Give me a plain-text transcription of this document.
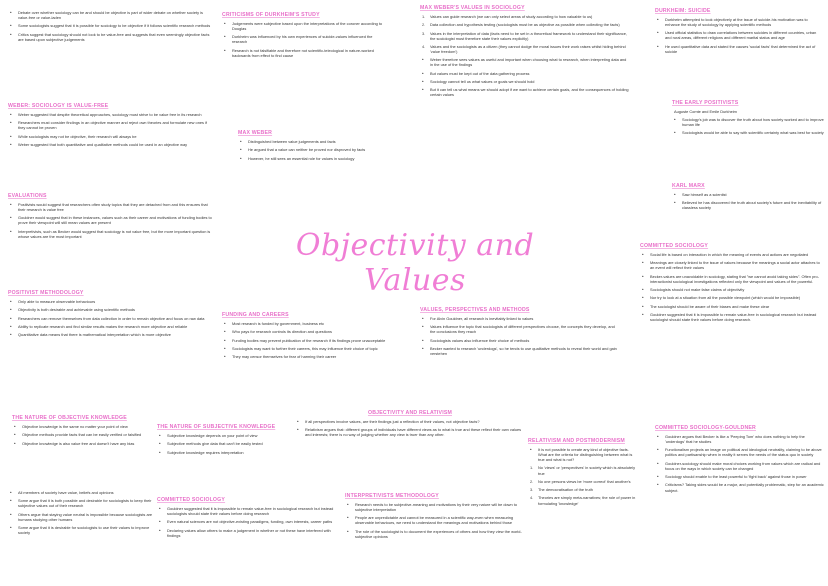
Objectivity and Values
• Debate over whether sociology can be and should be objective is part of wider debate on whether society is value-free or value-laden
• Some sociologists suggest that it is possible for sociology to be objective if it follows scientific research methods
• Critics suggest that sociology should not look to be value-free and suggests that even seemingly objective facts are based upon subjective judgements
WEBER: SOCIOLOGY IS VALUE-FREE
• Weber suggested that despite theoretical approaches, sociology must strive to be value free in its research
• Researchers must consider findings in an objective manner and reject own theories and formulate new ones if they cannot be proven
• While sociologists may not be objective, their research will always be
• Weber suggested that both quantitative and qualitative methods could be used in an objective way
EVALUATIONS
• Positivists would suggest that researchers often study topics that they are detached from and this ensures that their research is value free
• Gouldner would suggest that in these instances, values such as their career and motivations of funding bodies to prove their viewpoint will still mean values are present
• Interpretivists, such as Becker would suggest that sociology is not value free, but the more important question is whose values are the most important
POSITIVIST METHODOLOGY
• Only able to measure observable behaviours
• Objectivity is both desirable and achievable using scientific methods
• Researchers can remove themselves from data collection in order to remain objective and focus on raw data
• Ability to replicate research and find similar results makes the research more objective and reliable
• Quantitative data means that there is mathematical interpretation which is more objective
THE NATURE OF OBJECTIVE KNOWLEDGE
• Objective knowledge is the same no matter your point of view
• Objective methods provide facts that can be easily verified or falsified
• Objective knowledge is also value free and doesn't have any bias
• All members of society have value, beliefs and opinions
• Some argue that it is both possible and desirable for sociologists to keep their subjective values out of their research
• Others argue that staying value neutral is impossible because sociologists are humans studying other humans
• Some argue that it is desirable for sociologists to use their values to improve society
CRITICISMS OF DURKHEIM'S STUDY
• Judgements were subjective based upon the interpretations of the coroner according to Douglas
• Durkheim was influenced by his own experiences of suicide-values influenced the research
• Research is not falsifiable and therefore not scientific-teleological in nature-worked backwards from effect to find cause
MAX WEBER
• Distinguished between value judgements and facts
• He argued that a value can neither be proved nor disproved by facts
• However, he still sees an essential role for values in sociology
FUNDING AND CAREERS
• Most research is funded by government, business etc
• Who pays for research controls its direction and questions
• Funding bodies may prevent publication of the research if its findings prove unacceptable
• Sociologists may want to further their careers, this may influence their choice of topic
• They may censor themselves for fear of harming their career
THE NATURE OF SUBJECTIVE KNOWLEDGE
• Subjective knowledge depends on your point of view
• Subjective methods give data that can't be easily tested
• Subjective knowledge requires interpretation
COMMITTED SOCIOLOGY
• Gouldner suggested that it is impossible to remain value-free in sociological research but instead sociologists should state their values before doing research
• Even natural sciences are not objective-existing paradigms, funding, own interests, career paths
• Declaring values allow others to make a judgement in whether or not these have interfered with findings
OBJECTIVITY AND RELATIVISM
• If all perspectives involve values, are their findings just a reflection of their values, not objective facts?
• Relativism argues that: different groups of individuals have different views as to what is true and these reflect their own values and interests; there is no way of judging whether any view is truer than any other.
INTERPRETIVISTS METHODOLOGY
• Research needs to be subjective-meaning and motivations by their very nature will be down to subjective interpretation
• People are unpredictable and cannot be measured in a scientific way-even when measuring observable behaviours, we need to understand the meanings and motivations behind those
• The role of the sociologist is to document the experiences of others and how they view the world-subjective opinions
MAX WEBER'S VALUES IN SOCIOLOGY
1. Values can guide research (we can only select areas of study according to how valuable to us)
2. Data collection and hypothesis testing (sociologists must be as objective as possible when collecting the facts)
3. Values in the interpretation of data (facts need to be set in a theoretical framework to understand their significance, the sociologist must therefore state their values explicitly)
4. Values and the sociologists as a citizen (they cannot dodge the moral issues their work raises whilst hiding behind 'value freedom')
• Weber therefore sees values as useful and important when choosing what to research, when interpreting data and in the use of the findings
• But values must be kept out of the data gathering process
• Sociology cannot tell us what values or goals we should hold
• But it can tell us what means we should adopt if we want to achieve certain goals, and the consequences of holding certain values
VALUES, PERSPECTIVES AND METHODS
• For Alvin Gouldner, all research is inevitably linked to values
• Values influence the topic that sociologists of different perspectives choose, the concepts they develop, and the conclusions they reach
• Sociologists values also influence their choice of methods
• Becker wanted to research 'underdogs', so he tends to use qualitative methods to reveal their world and gain verstehen
RELATIVISM AND POSTMODERNISM
• It is not possible to create any kind of objective facts. What are the criteria for distinguishing between what is true and what is not?
1. No 'views' or 'perspectives' in society which is absolutely true
2. No one persons views be 'more correct' that another's
3. The democratisation of the truth
4. Theories are simply meta-narratives; the role of power in formulating 'knowledge'
DURKHEIM: SUICIDE
• Durkheim attempted to look objectively at the issue of suicide-his motivation was to enhance the study of sociology by applying scientific methods
• Used official statistics to draw correlations between suicides in different countries, urban and rural areas, different religions and different marital status and age
• He used quantitative data and stated the causes 'social facts' that determined the act of suicide
THE EARLY POSITIVISTS
Auguste Comte and Emile Durkheim
• Sociology's job was to discover the truth about how society worked and to improve human life
• Sociologists would be able to say with scientific certainty what was best for society
KARL MARX
• Saw himself as a scientist
• Believed he has discovered the truth about society's future and the inevitability of classless society
COMMITTED SOCIOLOGY
• Social life is based on interaction in which the meaning of events and actions are negotiated
• Meanings are closely linked to the issue of values because the meanings a social actor attaches to an event will reflect their values
• Becker-values are unavoidable in sociology, stating that "we cannot avoid taking sides". Often pro-interactionist sociological investigations reflected only the viewpoint and values of the powerful.
• Sociologists should not make false claims of objectivity
• Nor try to look at a situation from all the possible viewpoint (which would be impossible)
• The sociologist should be aware of their biases and make these clear
• Gouldner suggested that it is impossible to remain value-free in sociological research but instead sociologist should state their values before doing research.
COMMITTED SOCIOLOGY-GOULDNER
• Gouldner argues that Becker is like a 'Peeping Tom' who does nothing to help the 'underdogs' that he studies
• Functionalism projects an image on political and ideological neutrality, claiming to be above politics and partisanship when in reality it serves the needs of the status quo in society
• Gouldner-sociology should make moral choices working from values which are radical and focus on the ways in which society can be changed
• Sociology should enable to the least powerful to 'fight back' against those in power
• Criticisms? Taking sides would be a major, and potentially problematic, step for an academic subject.
